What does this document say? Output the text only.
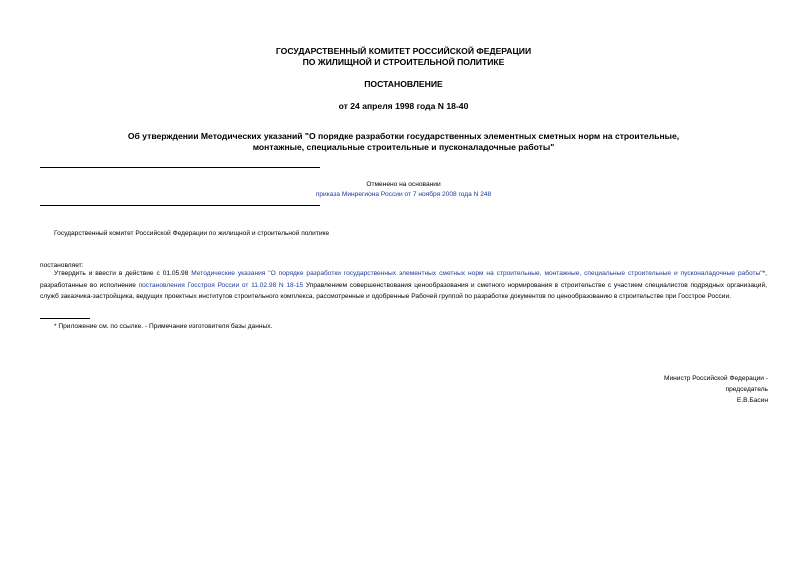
ГОСУДАРСТВЕННЫЙ КОМИТЕТ РОССИЙСКОЙ ФЕДЕРАЦИИ
ПО ЖИЛИЩНОЙ И СТРОИТЕЛЬНОЙ ПОЛИТИКЕ
ПОСТАНОВЛЕНИЕ
от 24 апреля 1998 года N 18-40
Об утверждении Методических указаний "О порядке разработки государственных элементных сметных норм на строительные,
монтажные, специальные строительные и пусконаладочные работы"
Отменено на основании
приказа Минрегиона России от 7 ноября 2008 года N 248
Государственный комитет Российской Федерации по жилищной и строительной политике
постановляет:
Утвердить и ввести в действие с 01.05.98 Методические указания "О порядке разработки государственных элементных сметных норм на строительные, монтажные, специальные строительные и пусконаладочные работы"*, разработанные во исполнение постановления Госстроя России от 11.02.98 N 18-15 Управлением совершенствования ценообразования и сметного нормирования в строительстве с участием специалистов подрядных организаций, служб заказчика-застройщика, ведущих проектных институтов строительного комплекса, рассмотренные и одобренные Рабочей группой по разработке документов по ценообразованию в строительстве при Госстрое России.
* Приложение см. по ссылке. - Примечание изготовителя базы данных.
Министр Российской Федерации -
председатель
Е.В.Басин
